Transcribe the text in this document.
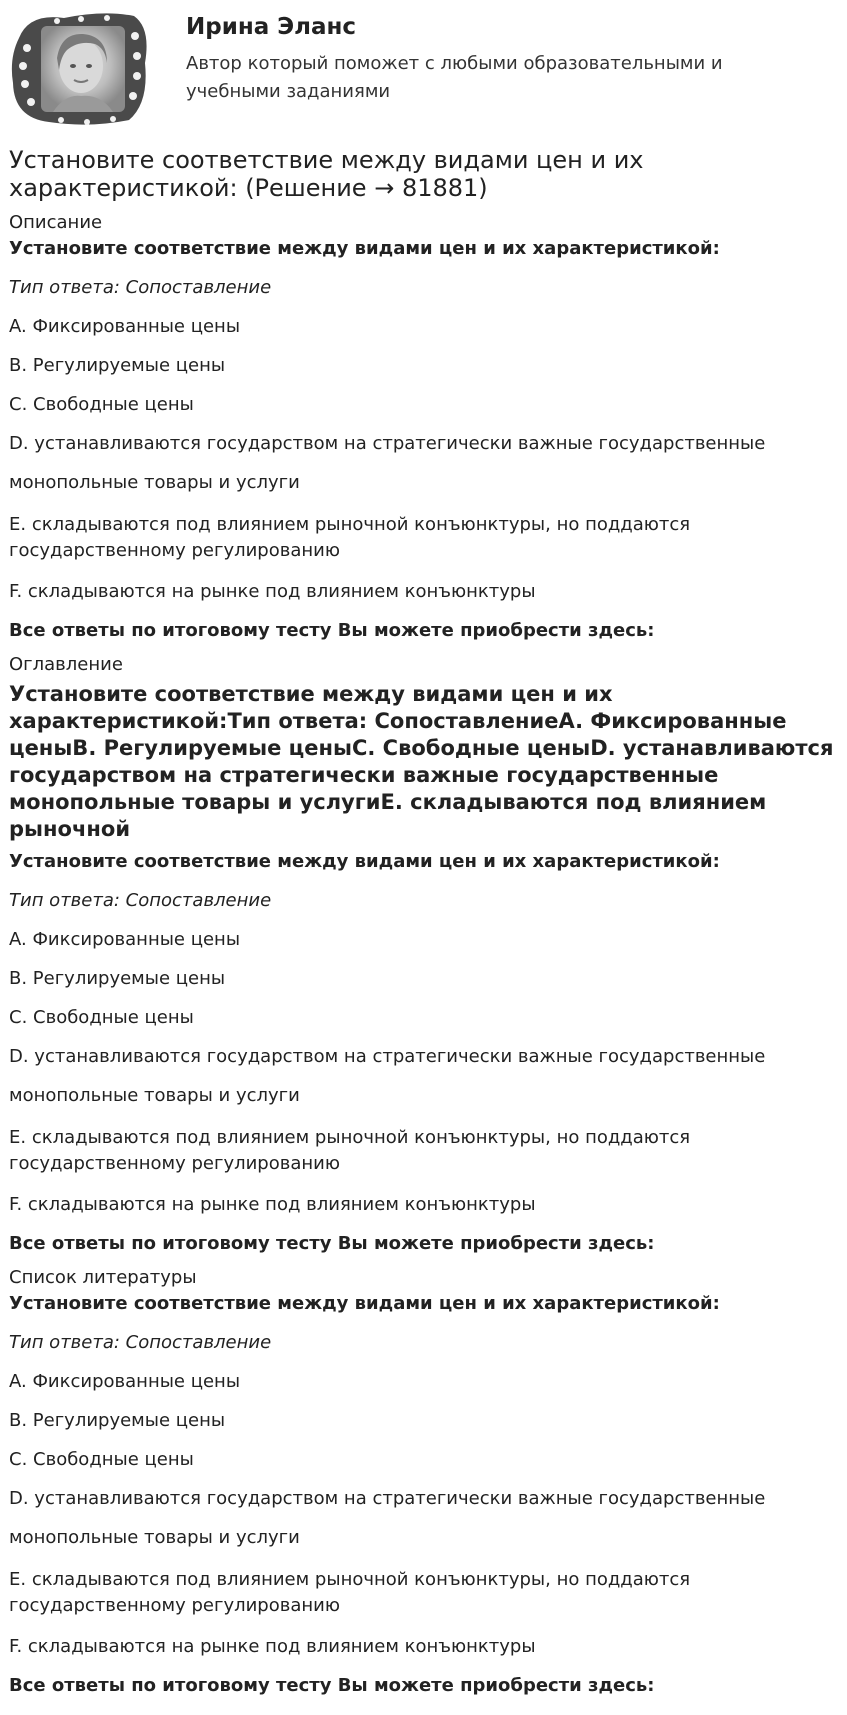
Ирина Эланс
Автор который поможет с любыми образовательными и учебными заданиями
Установите соответствие между видами цен и их характеристикой: (Решение → 81881)
Описание
Установите соответствие между видами цен и их характеристикой:
Тип ответа: Сопоставление
A. Фиксированные цены
B. Регулируемые цены
C. Свободные цены
D. устанавливаются государством на стратегически важные государственные
монопольные товары и услуги
E. складываются под влиянием рыночной конъюнктуры, но поддаются государственному регулированию
F. складываются на рынке под влиянием конъюнктуры
Все ответы по итоговому тесту Вы можете приобрести здесь:
Оглавление
Установите соответствие между видами цен и их характеристикой:Тип ответа: СопоставлениеA. Фиксированные ценыB. Регулируемые ценыC. Свободные ценыD. устанавливаются государством на стратегически важные государственные монопольные товары и услугиE. складываются под влиянием рыночной
Установите соответствие между видами цен и их характеристикой:
Тип ответа: Сопоставление
A. Фиксированные цены
B. Регулируемые цены
C. Свободные цены
D. устанавливаются государством на стратегически важные государственные
монопольные товары и услуги
E. складываются под влиянием рыночной конъюнктуры, но поддаются государственному регулированию
F. складываются на рынке под влиянием конъюнктуры
Все ответы по итоговому тесту Вы можете приобрести здесь:
Список литературы
Установите соответствие между видами цен и их характеристикой:
Тип ответа: Сопоставление
A. Фиксированные цены
B. Регулируемые цены
C. Свободные цены
D. устанавливаются государством на стратегически важные государственные
монопольные товары и услуги
E. складываются под влиянием рыночной конъюнктуры, но поддаются государственному регулированию
F. складываются на рынке под влиянием конъюнктуры
Все ответы по итоговому тесту Вы можете приобрести здесь:
